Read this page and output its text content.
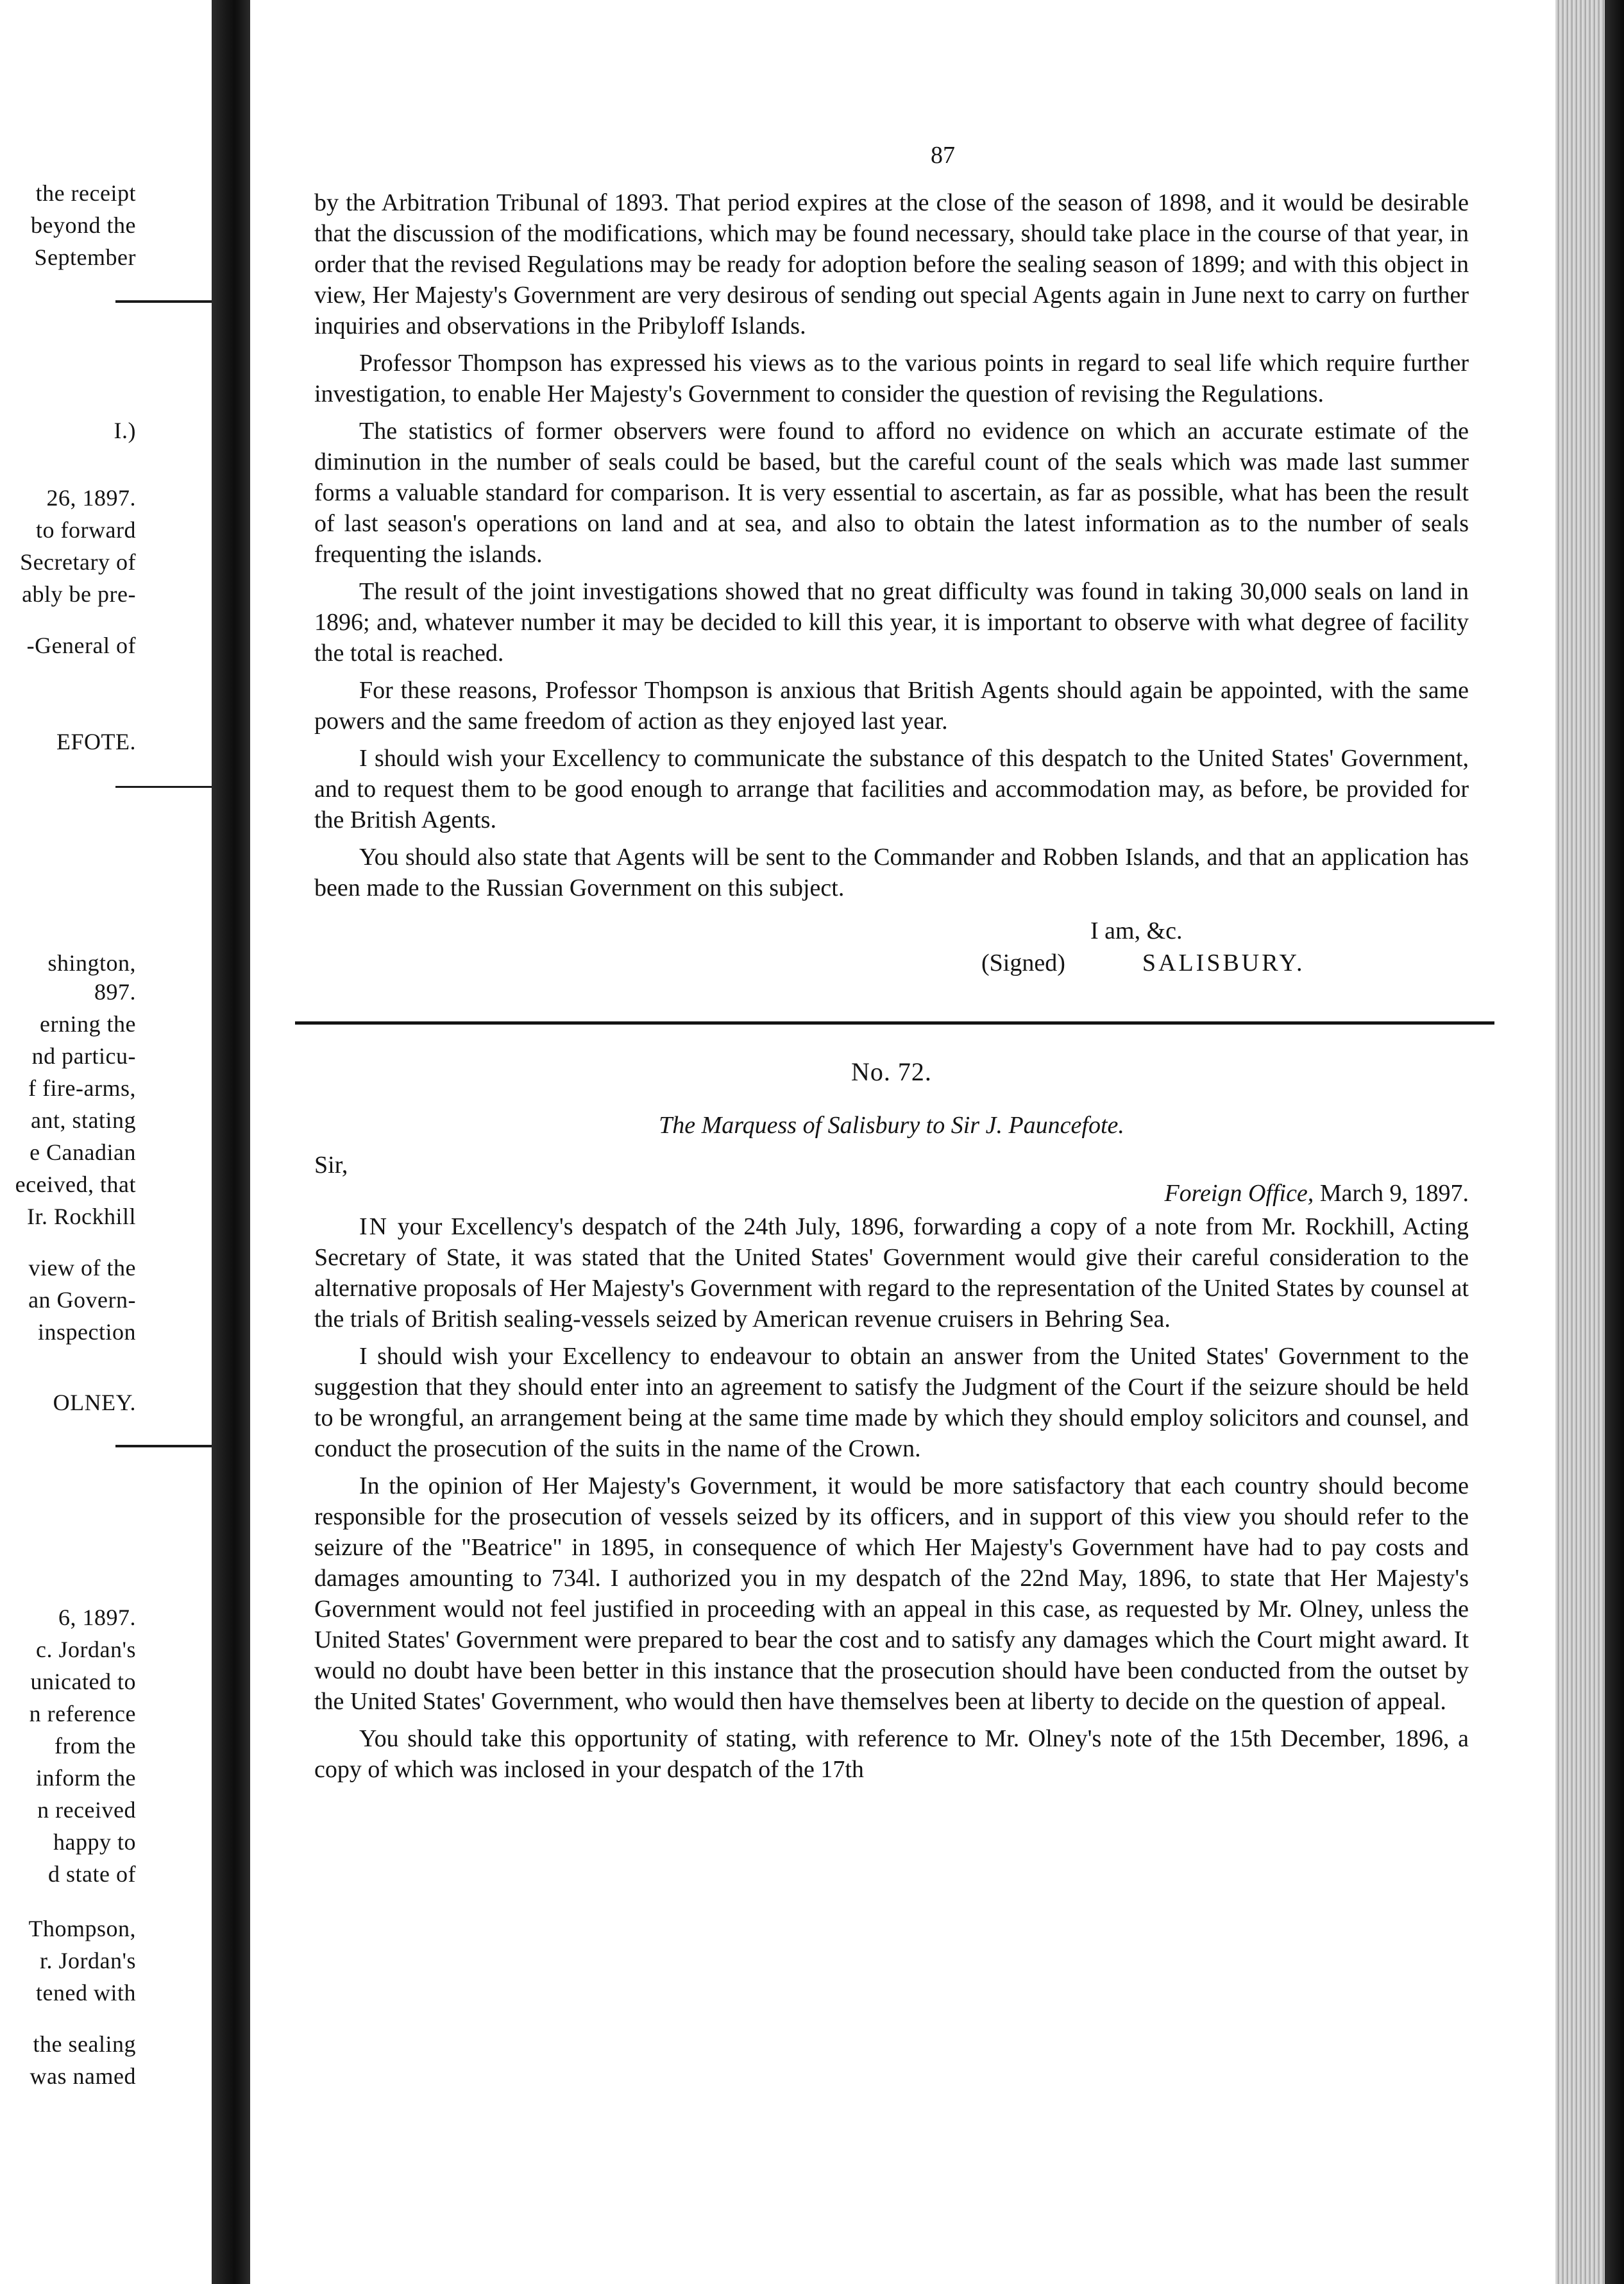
the receipt
beyond the
September
I.)
26, 1897.
to forward
Secretary of
ably be pre-
-General of
EFOTE.
shington,
897.
erning the
nd particu-
f fire-arms,
ant, stating
e Canadian
eceived, that
Ir. Rockhill
view of the
an Govern-
inspection
OLNEY.
6, 1897.
c. Jordan's
unicated to
n reference
from the
inform the
n received
happy to
d state of
Thompson,
r. Jordan's
tened with
the sealing
was named
87

by the Arbitration Tribunal of 1893. That period expires at the close of the season of 1898, and it would be desirable that the discussion of the modifications, which may be found necessary, should take place in the course of that year, in order that the revised Regulations may be ready for adoption before the sealing season of 1899; and with this object in view, Her Majesty's Government are very desirous of sending out special Agents again in June next to carry on further inquiries and observations in the Pribyloff Islands.

Professor Thompson has expressed his views as to the various points in regard to seal life which require further investigation, to enable Her Majesty's Government to consider the question of revising the Regulations.

The statistics of former observers were found to afford no evidence on which an accurate estimate of the diminution in the number of seals could be based, but the careful count of the seals which was made last summer forms a valuable standard for comparison. It is very essential to ascertain, as far as possible, what has been the result of last season's operations on land and at sea, and also to obtain the latest information as to the number of seals frequenting the islands.

The result of the joint investigations showed that no great difficulty was found in taking 30,000 seals on land in 1896; and, whatever number it may be decided to kill this year, it is important to observe with what degree of facility the total is reached.

For these reasons, Professor Thompson is anxious that British Agents should again be appointed, with the same powers and the same freedom of action as they enjoyed last year.

I should wish your Excellency to communicate the substance of this despatch to the United States' Government, and to request them to be good enough to arrange that facilities and accommodation may, as before, be provided for the British Agents.

You should also state that Agents will be sent to the Commander and Robben Islands, and that an application has been made to the Russian Government on this subject.

I am, &c.
(Signed)	SALISBURY.
No. 72.
The Marquess of Salisbury to Sir J. Pauncefote.

Sir,

Foreign Office, March 9, 1897.

IN your Excellency's despatch of the 24th July, 1896, forwarding a copy of a note from Mr. Rockhill, Acting Secretary of State, it was stated that the United States' Government would give their careful consideration to the alternative proposals of Her Majesty's Government with regard to the representation of the United States by counsel at the trials of British sealing-vessels seized by American revenue cruisers in Behring Sea.

I should wish your Excellency to endeavour to obtain an answer from the United States' Government to the suggestion that they should enter into an agreement to satisfy the Judgment of the Court if the seizure should be held to be wrongful, an arrangement being at the same time made by which they should employ solicitors and counsel, and conduct the prosecution of the suits in the name of the Crown.

In the opinion of Her Majesty's Government, it would be more satisfactory that each country should become responsible for the prosecution of vessels seized by its officers, and in support of this view you should refer to the seizure of the "Beatrice" in 1895, in consequence of which Her Majesty's Government have had to pay costs and damages amounting to 734l. I authorized you in my despatch of the 22nd May, 1896, to state that Her Majesty's Government would not feel justified in proceeding with an appeal in this case, as requested by Mr. Olney, unless the United States' Government were prepared to bear the cost and to satisfy any damages which the Court might award. It would no doubt have been better in this instance that the prosecution should have been conducted from the outset by the United States' Government, who would then have themselves been at liberty to decide on the question of appeal.

You should take this opportunity of stating, with reference to Mr. Olney's note of the 15th December, 1896, a copy of which was inclosed in your despatch of the 17th
